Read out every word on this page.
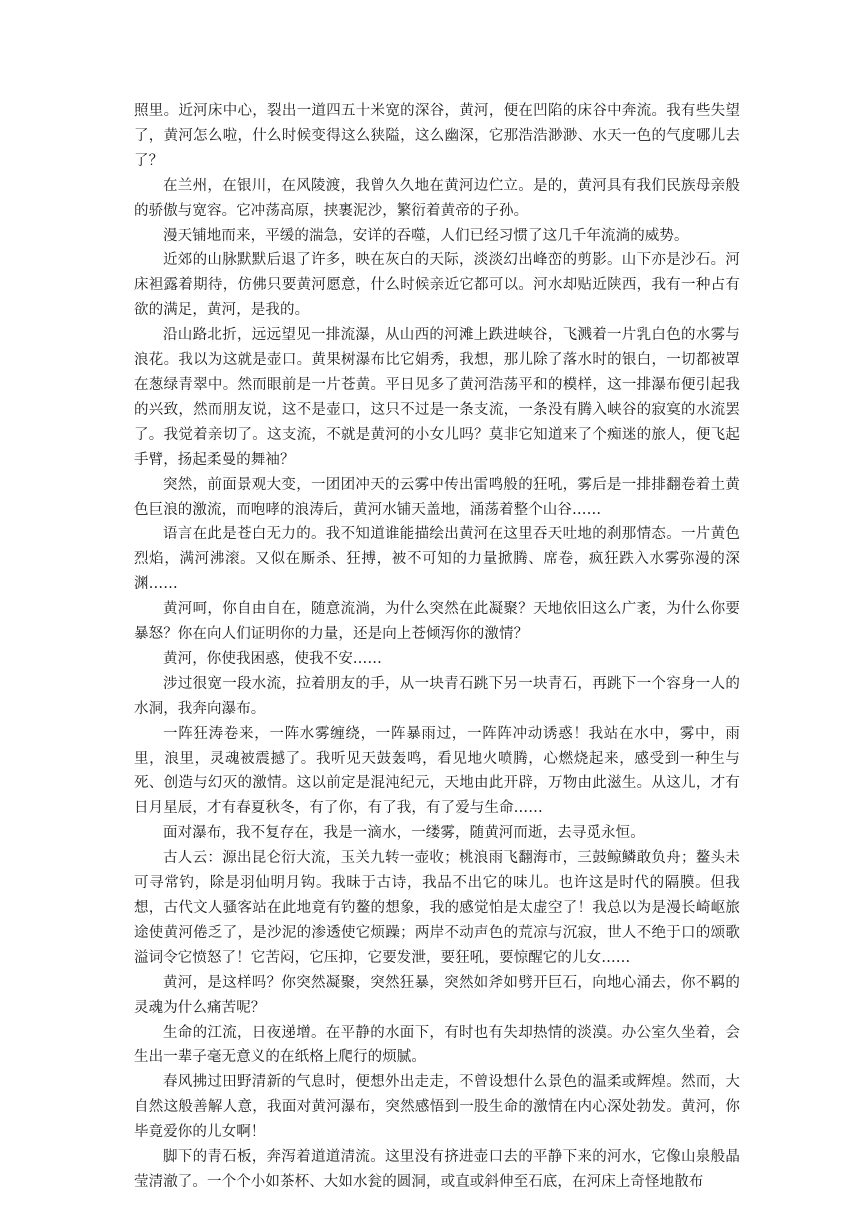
照里。近河床中心，裂出一道四五十米宽的深谷，黄河，便在凹陷的床谷中奔流。我有些失望了，黄河怎么啦，什么时候变得这么狭隘，这么幽深，它那浩浩渺渺、水天一色的气度哪儿去了？

在兰州，在银川，在风陵渡，我曾久久地在黄河边伫立。是的，黄河具有我们民族母亲般的骄傲与宽容。它冲荡高原，挟裹泥沙，繁衍着黄帝的子孙。

漫天铺地而来，平缓的湍急，安详的吞噬，人们已经习惯了这几千年流淌的威势。

近郊的山脉默默后退了许多，映在灰白的天际，淡淡幻出峰峦的剪影。山下亦是沙石。河床袒露着期待，仿佛只要黄河愿意，什么时候亲近它都可以。河水却贴近陕西，我有一种占有欲的满足，黄河，是我的。

沿山路北折，远远望见一排流瀑，从山西的河滩上跌进峡谷，飞溅着一片乳白色的水雾与浪花。我以为这就是壶口。黄果树瀑布比它娟秀，我想，那儿除了落水时的银白，一切都被罩在葱绿青翠中。然而眼前是一片苍黄。平日见多了黄河浩荡平和的模样，这一排瀑布便引起我的兴致，然而朋友说，这不是壶口，这只不过是一条支流，一条没有腾入峡谷的寂寞的水流罢了。我觉着亲切了。这支流，不就是黄河的小女儿吗？莫非它知道来了个痴迷的旅人，便飞起手臂，扬起柔曼的舞袖？

突然，前面景观大变，一团团冲天的云雾中传出雷鸣般的狂吼，雾后是一排排翻卷着土黄色巨浪的激流，而咆哮的浪涛后，黄河水铺天盖地，涌荡着整个山谷……

语言在此是苍白无力的。我不知道谁能描绘出黄河在这里吞天吐地的刹那情态。一片黄色烈焰，满河沸滚。又似在厮杀、狂搏，被不可知的力量掀腾、席卷，疯狂跌入水雾弥漫的深渊……

黄河呵，你自由自在，随意流淌，为什么突然在此凝聚？天地依旧这么广袤，为什么你要暴怒？你在向人们证明你的力量，还是向上苍倾泻你的激情？

黄河，你使我困惑，使我不安……

涉过很宽一段水流，拉着朋友的手，从一块青石跳下另一块青石，再跳下一个容身一人的水洞，我奔向瀑布。

一阵狂涛卷来，一阵水雾缠绕，一阵暴雨过，一阵阵冲动诱惑！我站在水中，雾中，雨里，浪里，灵魂被震撼了。我听见天鼓轰鸣，看见地火喷腾，心燃烧起来，感受到一种生与死、创造与幻灭的激情。这以前定是混沌纪元，天地由此开辟，万物由此滋生。从这儿，才有日月星辰，才有春夏秋冬，有了你，有了我，有了爱与生命……

面对瀑布，我不复存在，我是一滴水，一缕雾，随黄河而逝，去寻觅永恒。

古人云：源出昆仑衍大流，玉关九转一壶收；桃浪雨飞翻海市，三鼓鲸鳞敢负舟；鳌头未可寻常钓，除是羽仙明月钩。我昧于古诗，我品不出它的味儿。也许这是时代的隔膜。但我想，古代文人骚客站在此地竟有钓鳌的想象，我的感觉怕是太虚空了！我总以为是漫长崎岖旅途使黄河倦乏了，是沙泥的渗透使它烦躁；两岸不动声色的荒凉与沉寂，世人不绝于口的颂歌溢词令它愤怒了！它苦闷，它压抑，它要发泄，要狂吼，要惊醒它的儿女……

黄河，是这样吗？你突然凝聚，突然狂暴，突然如斧如劈开巨石，向地心涌去，你不羁的灵魂为什么痛苦呢？

生命的江流，日夜递增。在平静的水面下，有时也有失却热情的淡漠。办公室久坐着，会生出一辈子毫无意义的在纸格上爬行的烦腻。

春风拂过田野清新的气息时，便想外出走走，不曾设想什么景色的温柔或辉煌。然而，大自然这般善解人意，我面对黄河瀑布，突然感悟到一股生命的激情在内心深处勃发。黄河，你毕竟爱你的儿女啊！

脚下的青石板，奔泻着道道清流。这里没有挤进壶口去的平静下来的河水，它像山泉般晶莹清澈了。一个个小如茶杯、大如水瓮的圆洞，或直或斜伸至石底，在河床上奇怪地散布
